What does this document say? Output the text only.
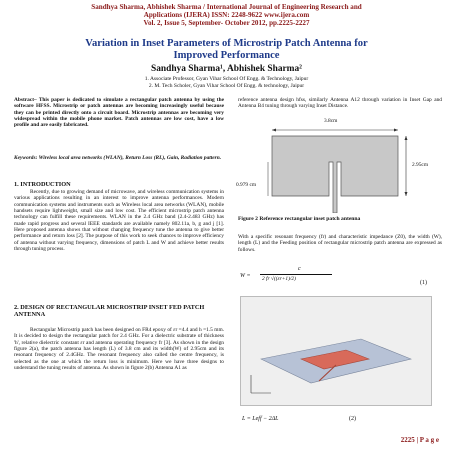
Sandhya Sharma, Abhishek Sharma / International Journal of Engineering Research and
Applications (IJERA) ISSN: 2248-9622 www.ijera.com
Vol. 2, Issue 5, September- October 2012, pp.2225-2227
Variation in Inset Parameters of Microstrip Patch Antenna for
Improved Performance
Sandhya Sharma¹, Abhishek Sharma²
1. Associate Professor, Gyan Vihar School Of Engg. & Technology, Jaipur
2. M. Tech Scholer, Gyan Vihar School Of Engg. & technology, Jaipur
Abstract– This paper is dedicated to simulate a rectangular patch antenna by using the software HFSS. Microstrip or patch antennas are becoming increasingly useful because they can be printed directly onto a circuit board. Microstrip antennas are becoming very widespread within the mobile phone market. Patch antennas are low cost, have a low profile and are easily fabricated.
Keywords: Wireless local area networks (WLAN), Return Loss (RL), Gain, Radiation pattern.
1. INTRODUCTION
Recently, due to growing demand of microwave, and wireless communication systems in various applications resulting in an interest to improve antenna performances. Modern communication systems and instruments such as Wireless local area networks (WLAN), mobile handsets require lightweight, small size and low cost. The efficient microstrip patch antenna technology can fulfill these requirements. WLAN in the 2.4 GHz band (2.4-2.483 GHz) has made rapid progress and several IEEE standards are available namely 802.11a, b, g and j [1]. Here proposed antenna shows that without changing frequency tune the antenna to give better performance and return loss [2]. The purpose of this work to seek chances to improve efficiency of antenna without varying frequency, dimensions of patch L and W and achieve better results through tuning process.
2. DESIGN OF RECTANGULAR MICROSTRIP INSET FED PATCH ANTENNA
Rectangular Microstrip patch has been designed on FR4 epoxy of εr =4.4 and h =1.5 mm. It is decided to design the rectangular patch for 2.4 GHz. For a dielectric substrate of thickness 'h', relative dielectric constant εr and antenna operating frequency fr [3]. As shown in the design figure 2(a), the patch antenna has length (L) of 3.8 cm and its width(W) of 2.95cm and its resonant frequency of 2.4GHz. The resonant frequency also called the centre frequency, is selected as the one at which the return loss is minimum. Here we have three designs to understand the tuning results of antenna. As shown in figure 2(b) Antenna A1 as
reference antenna design hfss, similarly Antenna A12 through variation in Inset Gap and Antenna B4 tuning through varying Inset Distance.
3.8cm
2.95cm
0.979 cm
Figure 2 Reference rectangular inset patch antenna
With a specific resonant frequency (fr) and characteristic impedance (Z0), the width (W), length (L) and the Feeding position of rectangular microstrip patch antenna are expressed as follows.
W =
c
2 fr √((εr+1)/2)
(1)
L = Leff − 2ΔL	(2)
2225 | P a g e
